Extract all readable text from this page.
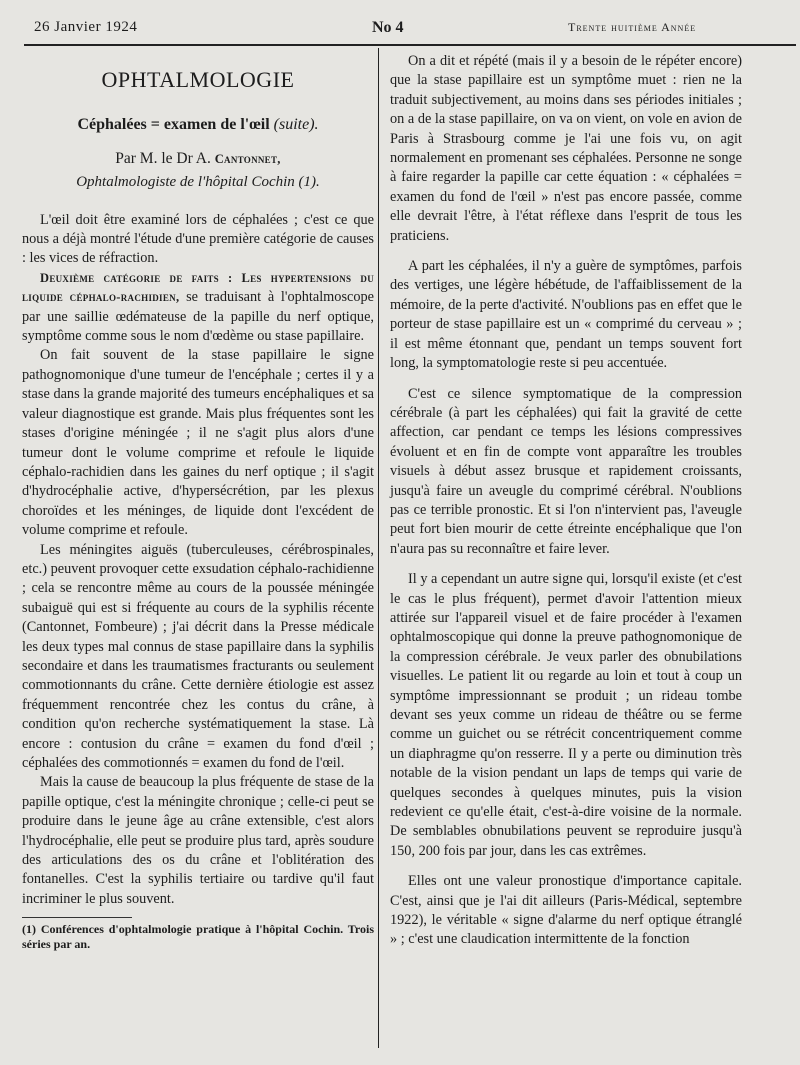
26 Janvier 1924	No 4	Trente huitième Année
OPHTALMOLOGIE
Céphalées = examen de l'œil (suite).
Par M. le Dr A. Cantonnet,
Ophtalmologiste de l'hôpital Cochin (1).

L'œil doit être examiné lors de céphalées ; c'est ce que nous a déjà montré l'étude d'une première catégorie de causes : les vices de réfraction.

Deuxième catégorie de faits : Les hypertensions du liquide céphalo-rachidien, se traduisant à l'ophtalmoscope par une saillie œdémateuse de la papille du nerf optique, symptôme comme sous le nom d'œdème ou stase papillaire.

On fait souvent de la stase papillaire le signe pathognomonique d'une tumeur de l'encéphale ; certes il y a stase dans la grande majorité des tumeurs encéphaliques et sa valeur diagnostique est grande. Mais plus fréquentes sont les stases d'origine méningée ; il ne s'agit plus alors d'une tumeur dont le volume comprime et refoule le liquide céphalo-rachidien dans les gaines du nerf optique ; il s'agit d'hydrocéphalie active, d'hypersécrétion, par les plexus choroïdes et les méninges, de liquide dont l'excédent de volume comprime et refoule.

Les méningites aiguës (tuberculeuses, cérébrospinales, etc.) peuvent provoquer cette exsudation céphalo-rachidienne ; cela se rencontre même au cours de la poussée méningée subaiguë qui est si fréquente au cours de la syphilis récente (Cantonnet, Fombeure) ; j'ai décrit dans la Presse médicale les deux types mal connus de stase papillaire dans la syphilis secondaire et dans les traumatismes fracturants ou seulement commotionnants du crâne. Cette dernière étiologie est assez fréquemment rencontrée chez les contus du crâne, à condition qu'on recherche systématiquement la stase. Là encore : contusion du crâne = examen du fond d'œil ; céphalées des commotionnés = examen du fond de l'œil.

Mais la cause de beaucoup la plus fréquente de stase de la papille optique, c'est la méningite chronique ; celle-ci peut se produire dans le jeune âge au crâne extensible, c'est alors l'hydrocéphalie, elle peut se produire plus tard, après soudure des articulations des os du crâne et l'oblitération des fontanelles. C'est la syphilis tertiaire ou tardive qu'il faut incriminer le plus souvent.

(1) Conférences d'ophtalmologie pratique à l'hôpital Cochin. Trois séries par an.

On a dit et répété (mais il y a besoin de le répéter encore) que la stase papillaire est un symptôme muet : rien ne la traduit subjectivement, au moins dans ses périodes initiales ; on a de la stase papillaire, on va on vient, on vole en avion de Paris à Strasbourg comme je l'ai une fois vu, on agit normalement en promenant ses céphalées. Personne ne songe à faire regarder la papille car cette équation : « céphalées = examen du fond de l'œil » n'est pas encore passée, comme elle devrait l'être, à l'état réflexe dans l'esprit de tous les praticiens.

A part les céphalées, il n'y a guère de symptômes, parfois des vertiges, une légère hébétude, de l'affaiblissement de la mémoire, de la perte d'activité. N'oublions pas en effet que le porteur de stase papillaire est un « comprimé du cerveau » ; il est même étonnant que, pendant un temps souvent fort long, la symptomatologie reste si peu accentuée.

C'est ce silence symptomatique de la compression cérébrale (à part les céphalées) qui fait la gravité de cette affection, car pendant ce temps les lésions compressives évoluent et en fin de compte vont apparaître les troubles visuels à début assez brusque et rapidement croissants, jusqu'à faire un aveugle du comprimé cérébral. N'oublions pas ce terrible pronostic. Et si l'on n'intervient pas, l'aveugle peut fort bien mourir de cette étreinte encéphalique que l'on n'aura pas su reconnaître et faire lever.

Il y a cependant un autre signe qui, lorsqu'il existe (et c'est le cas le plus fréquent), permet d'avoir l'attention mieux attirée sur l'appareil visuel et de faire procéder à l'examen ophtalmoscopique qui donne la preuve pathognomonique de la compression cérébrale. Je veux parler des obnubilations visuelles. Le patient lit ou regarde au loin et tout à coup un symptôme impressionnant se produit ; un rideau tombe devant ses yeux comme un rideau de théâtre ou se ferme comme un guichet ou se rétrécit concentriquement comme un diaphragme qu'on resserre. Il y a perte ou diminution très notable de la vision pendant un laps de temps qui varie de quelques secondes à quelques minutes, puis la vision redevient ce qu'elle était, c'est-à-dire voisine de la normale. De semblables obnubilations peuvent se reproduire jusqu'à 150, 200 fois par jour, dans les cas extrêmes.

Elles ont une valeur pronostique d'importance capitale. C'est, ainsi que je l'ai dit ailleurs (Paris-Médical, septembre 1922), le véritable « signe d'alarme du nerf optique étranglé » ; c'est une claudication intermittente de la fonction
